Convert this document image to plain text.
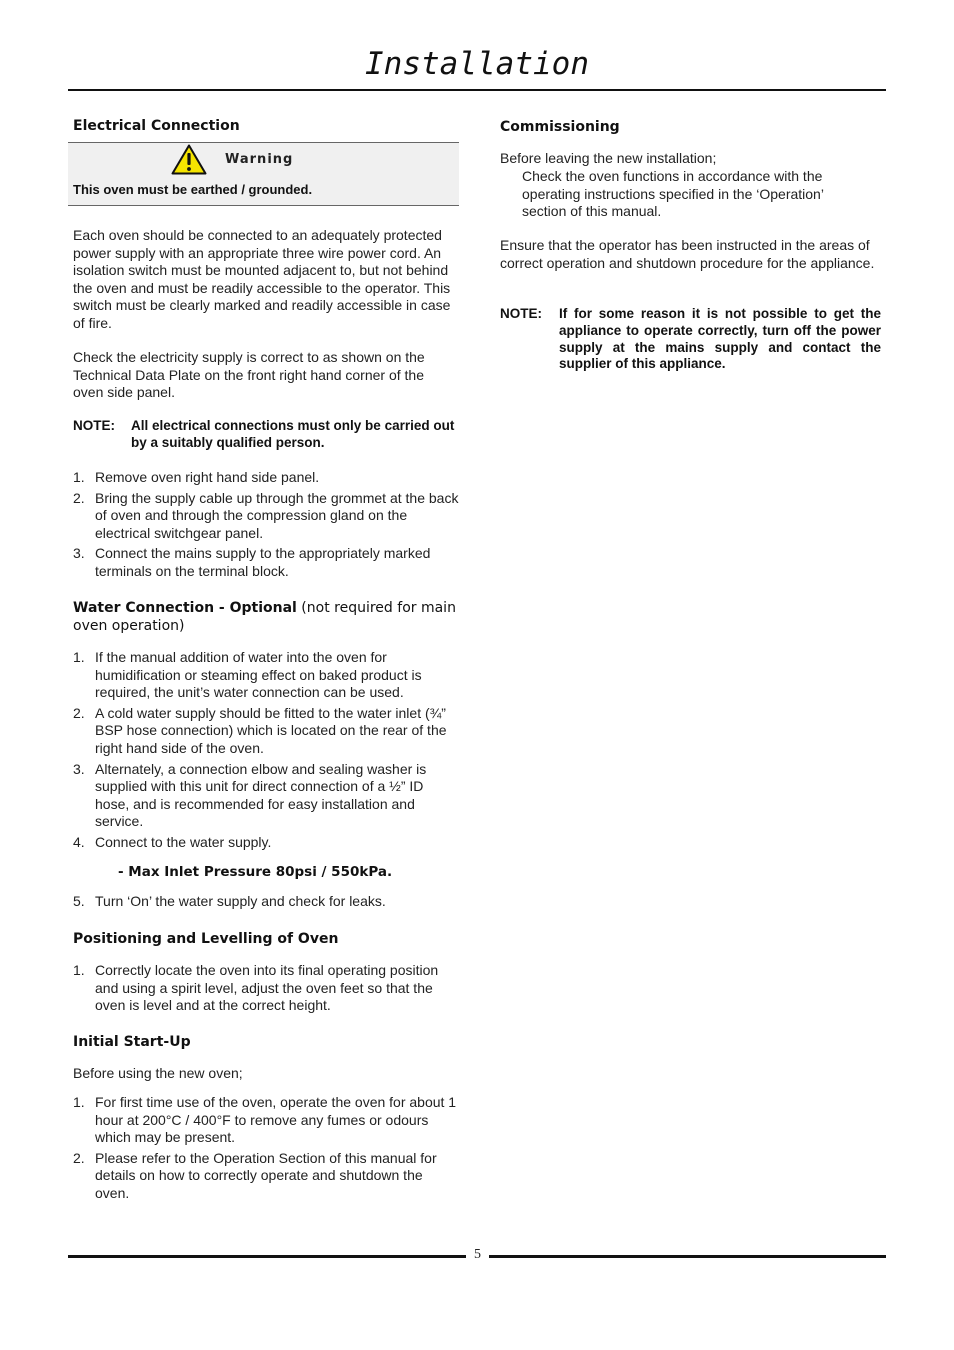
Installation
Electrical Connection
Warning
This oven must be earthed / grounded.
Each oven should be connected to an adequately protected power supply with an appropriate three wire power cord. An isolation switch must be mounted adjacent to, but not behind the oven and must be readily accessible to the operator. This switch must be clearly marked and readily accessible in case of fire.
Check the electricity supply is correct to as shown on the Technical Data Plate on the front right hand corner of the oven side panel.
NOTE: All electrical connections must only be carried out by a suitably qualified person.
1. Remove oven right hand side panel.
2. Bring the supply cable up through the grommet at the back of oven and through the compression gland on the electrical switchgear panel.
3. Connect the mains supply to the appropriately marked terminals on the terminal block.
Water Connection - Optional (not required for main oven operation)
1. If the manual addition of water into the oven for humidification or steaming effect on baked product is required, the unit’s water connection can be used.
2. A cold water supply should be fitted to the water inlet (¾” BSP hose connection) which is located on the rear of the right hand side of the oven.
3. Alternately, a connection elbow and sealing washer is supplied with this unit for direct connection of a ½” ID hose, and is recommended for easy installation and service.
4. Connect to the water supply.
- Max Inlet Pressure 80psi / 550kPa.
5. Turn ‘On’ the water supply and check for leaks.
Positioning and Levelling of Oven
1. Correctly locate the oven into its final operating position and using a spirit level, adjust the oven feet so that the oven is level and at the correct height.
Initial Start-Up
Before using the new oven;
1. For first time use of the oven, operate the oven for about 1 hour at 200°C / 400°F to remove any fumes or odours which may be present.
2. Please refer to the Operation Section of this manual for details on how to correctly operate and shutdown the oven.
Commissioning
Before leaving the new installation;
Check the oven functions in accordance with the operating instructions specified in the ‘Operation’ section of this manual.
Ensure that the operator has been instructed in the areas of correct operation and shutdown procedure for the appliance.
NOTE: If for some reason it is not possible to get the appliance to operate correctly, turn off the power supply at the mains supply and contact the supplier of this appliance.
5
